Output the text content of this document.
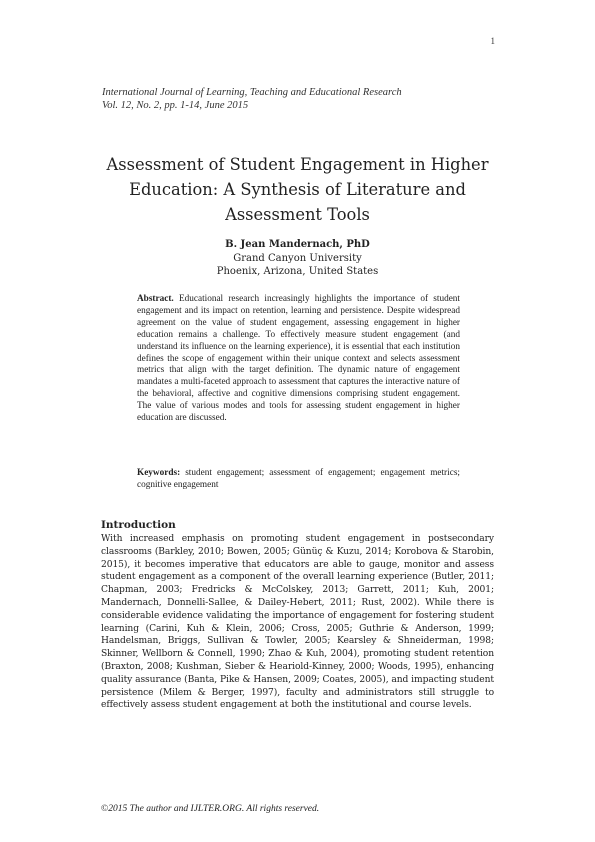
1
International Journal of Learning, Teaching and Educational Research
Vol. 12, No. 2, pp. 1-14, June 2015
Assessment of Student Engagement in Higher Education: A Synthesis of Literature and Assessment Tools
B. Jean Mandernach, PhD
Grand Canyon University
Phoenix, Arizona, United States
Abstract. Educational research increasingly highlights the importance of student engagement and its impact on retention, learning and persistence. Despite widespread agreement on the value of student engagement, assessing engagement in higher education remains a challenge. To effectively measure student engagement (and understand its influence on the learning experience), it is essential that each institution defines the scope of engagement within their unique context and selects assessment metrics that align with the target definition. The dynamic nature of engagement mandates a multi-faceted approach to assessment that captures the interactive nature of the behavioral, affective and cognitive dimensions comprising student engagement. The value of various modes and tools for assessing student engagement in higher education are discussed.
Keywords: student engagement; assessment of engagement; engagement metrics; cognitive engagement
Introduction
With increased emphasis on promoting student engagement in postsecondary classrooms (Barkley, 2010; Bowen, 2005; Günüç & Kuzu, 2014; Korobova & Starobin, 2015), it becomes imperative that educators are able to gauge, monitor and assess student engagement as a component of the overall learning experience (Butler, 2011; Chapman, 2003; Fredricks & McColskey, 2013; Garrett, 2011; Kuh, 2001; Mandernach, Donnelli-Sallee, & Dailey-Hebert, 2011; Rust, 2002). While there is considerable evidence validating the importance of engagement for fostering student learning (Carini, Kuh & Klein, 2006; Cross, 2005; Guthrie & Anderson, 1999; Handelsman, Briggs, Sullivan & Towler, 2005; Kearsley & Shneiderman, 1998; Skinner, Wellborn & Connell, 1990; Zhao & Kuh, 2004), promoting student retention (Braxton, 2008; Kushman, Sieber & Heariold-Kinney, 2000; Woods, 1995), enhancing quality assurance (Banta, Pike & Hansen, 2009; Coates, 2005), and impacting student persistence (Milem & Berger, 1997), faculty and administrators still struggle to effectively assess student engagement at both the institutional and course levels.
©2015 The author and IJLTER.ORG. All rights reserved.
